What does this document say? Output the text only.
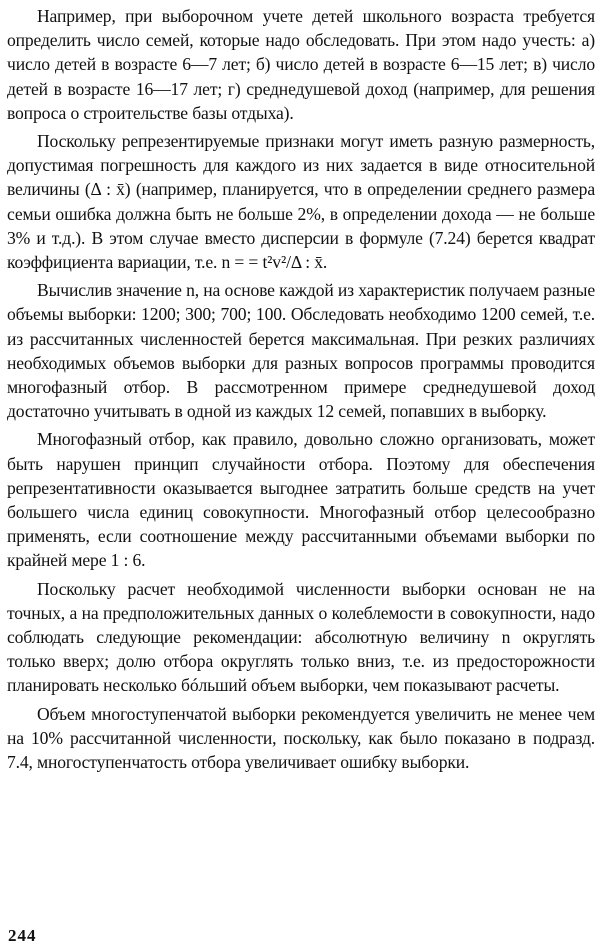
Например, при выборочном учете детей школьного возраста требуется определить число семей, которые надо обследовать. При этом надо учесть: а) число детей в возрасте 6—7 лет; б) число детей в возрасте 6—15 лет; в) число детей в возрасте 16—17 лет; г) среднедушевой доход (например, для решения вопроса о строительстве базы отдыха).

Поскольку репрезентируемые признаки могут иметь разную размерность, допустимая погрешность для каждого из них задается в виде относительной величины (Δ : x̄) (например, планируется, что в определении среднего размера семьи ошибка должна быть не больше 2%, в определении дохода — не больше 3% и т.д.). В этом случае вместо дисперсии в формуле (7.24) берется квадрат коэффициента вариации, т.е. n = = t²v²/Δ : x̄.

Вычислив значение n, на основе каждой из характеристик получаем разные объемы выборки: 1200; 300; 700; 100. Обследовать необходимо 1200 семей, т.е. из рассчитанных численностей берется максимальная. При резких различиях необходимых объемов выборки для разных вопросов программы проводится многофазный отбор. В рассмотренном примере среднедушевой доход достаточно учитывать в одной из каждых 12 семей, попавших в выборку.

Многофазный отбор, как правило, довольно сложно организовать, может быть нарушен принцип случайности отбора. Поэтому для обеспечения репрезентативности оказывается выгоднее затратить больше средств на учет большего числа единиц совокупности. Многофазный отбор целесообразно применять, если соотношение между рассчитанными объемами выборки по крайней мере 1 : 6.

Поскольку расчет необходимой численности выборки основан не на точных, а на предположительных данных о колеблемости в совокупности, надо соблюдать следующие рекомендации: абсолютную величину n округлять только вверх; долю отбора округлять только вниз, т.е. из предосторожности планировать несколько бóльший объем выборки, чем показывают расчеты.

Объем многоступенчатой выборки рекомендуется увеличить не менее чем на 10% рассчитанной численности, поскольку, как было показано в подразд. 7.4, многоступенчатость отбора увеличивает ошибку выборки.

244
